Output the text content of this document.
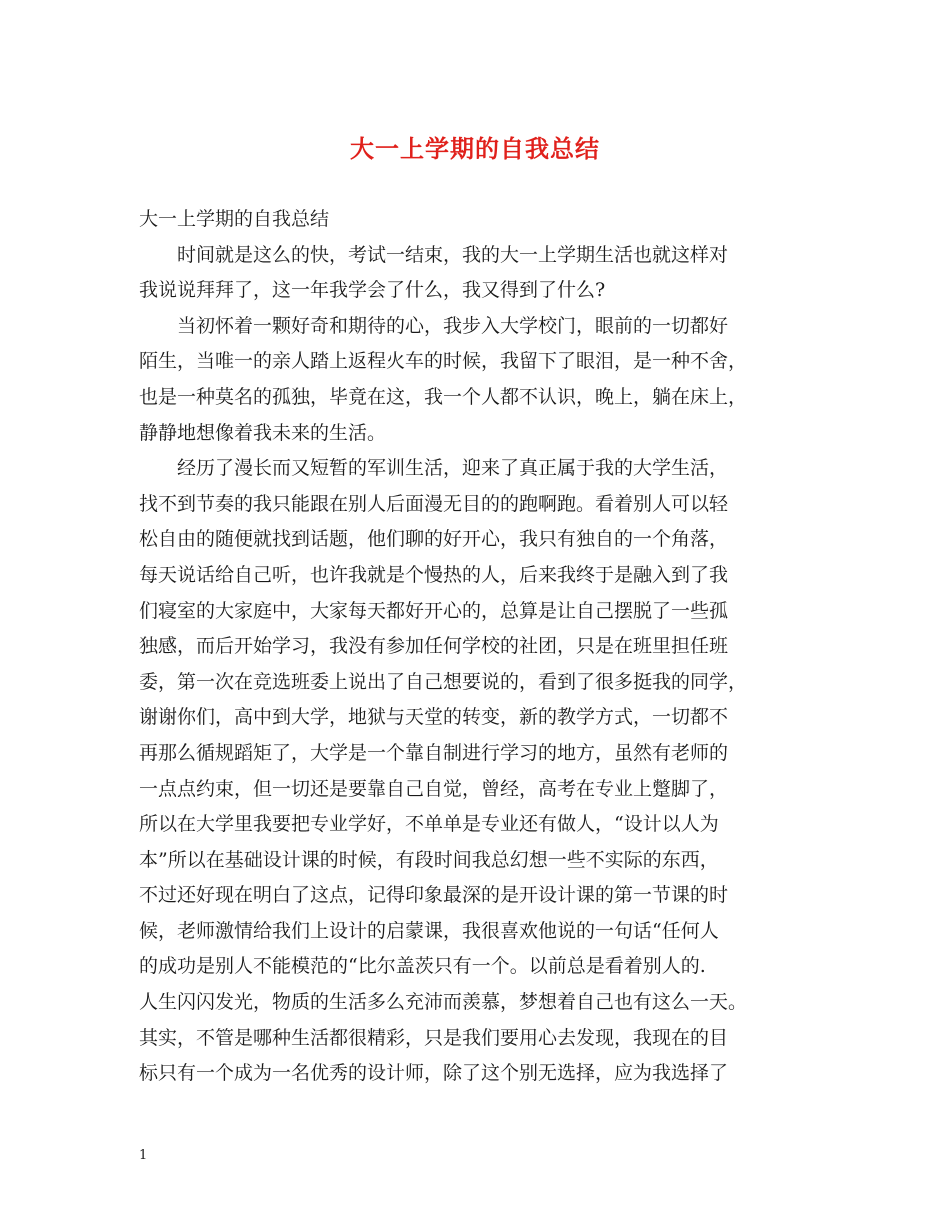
大一上学期的自我总结

大一上学期的自我总结

时间就是这么的快，考试一结束，我的大一上学期生活也就这样对
我说说拜拜了，这一年我学会了什么，我又得到了什么?

当初怀着一颗好奇和期待的心，我步入大学校门，眼前的一切都好
陌生，当唯一的亲人踏上返程火车的时候，我留下了眼泪，是一种不舍，
也是一种莫名的孤独，毕竟在这，我一个人都不认识，晚上，躺在床上，
静静地想像着我未来的生活。

经历了漫长而又短暂的军训生活，迎来了真正属于我的大学生活，
找不到节奏的我只能跟在别人后面漫无目的的跑啊跑。看着别人可以轻
松自由的随便就找到话题，他们聊的好开心，我只有独自的一个角落，
每天说话给自己听，也许我就是个慢热的人，后来我终于是融入到了我
们寝室的大家庭中，大家每天都好开心的，总算是让自己摆脱了一些孤
独感，而后开始学习，我没有参加任何学校的社团，只是在班里担任班
委，第一次在竞选班委上说出了自己想要说的，看到了很多挺我的同学，
谢谢你们，高中到大学，地狱与天堂的转变，新的教学方式，一切都不
再那么循规蹈矩了，大学是一个靠自制进行学习的地方，虽然有老师的
一点点约束，但一切还是要靠自己自觉，曾经，高考在专业上蹩脚了，
所以在大学里我要把专业学好，不单单是专业还有做人，“设计以人为
本”所以在基础设计课的时候，有段时间我总幻想一些不实际的东西，
不过还好现在明白了这点，记得印象最深的是开设计课的第一节课的时
候，老师激情给我们上设计的启蒙课，我很喜欢他说的一句话“任何人
的成功是别人不能模范的“比尔盖茨只有一个。以前总是看着别人的.
人生闪闪发光，物质的生活多么充沛而羡慕，梦想着自己也有这么一天。
其实，不管是哪种生活都很精彩，只是我们要用心去发现，我现在的目
标只有一个成为一名优秀的设计师，除了这个别无选择，应为我选择了

1
